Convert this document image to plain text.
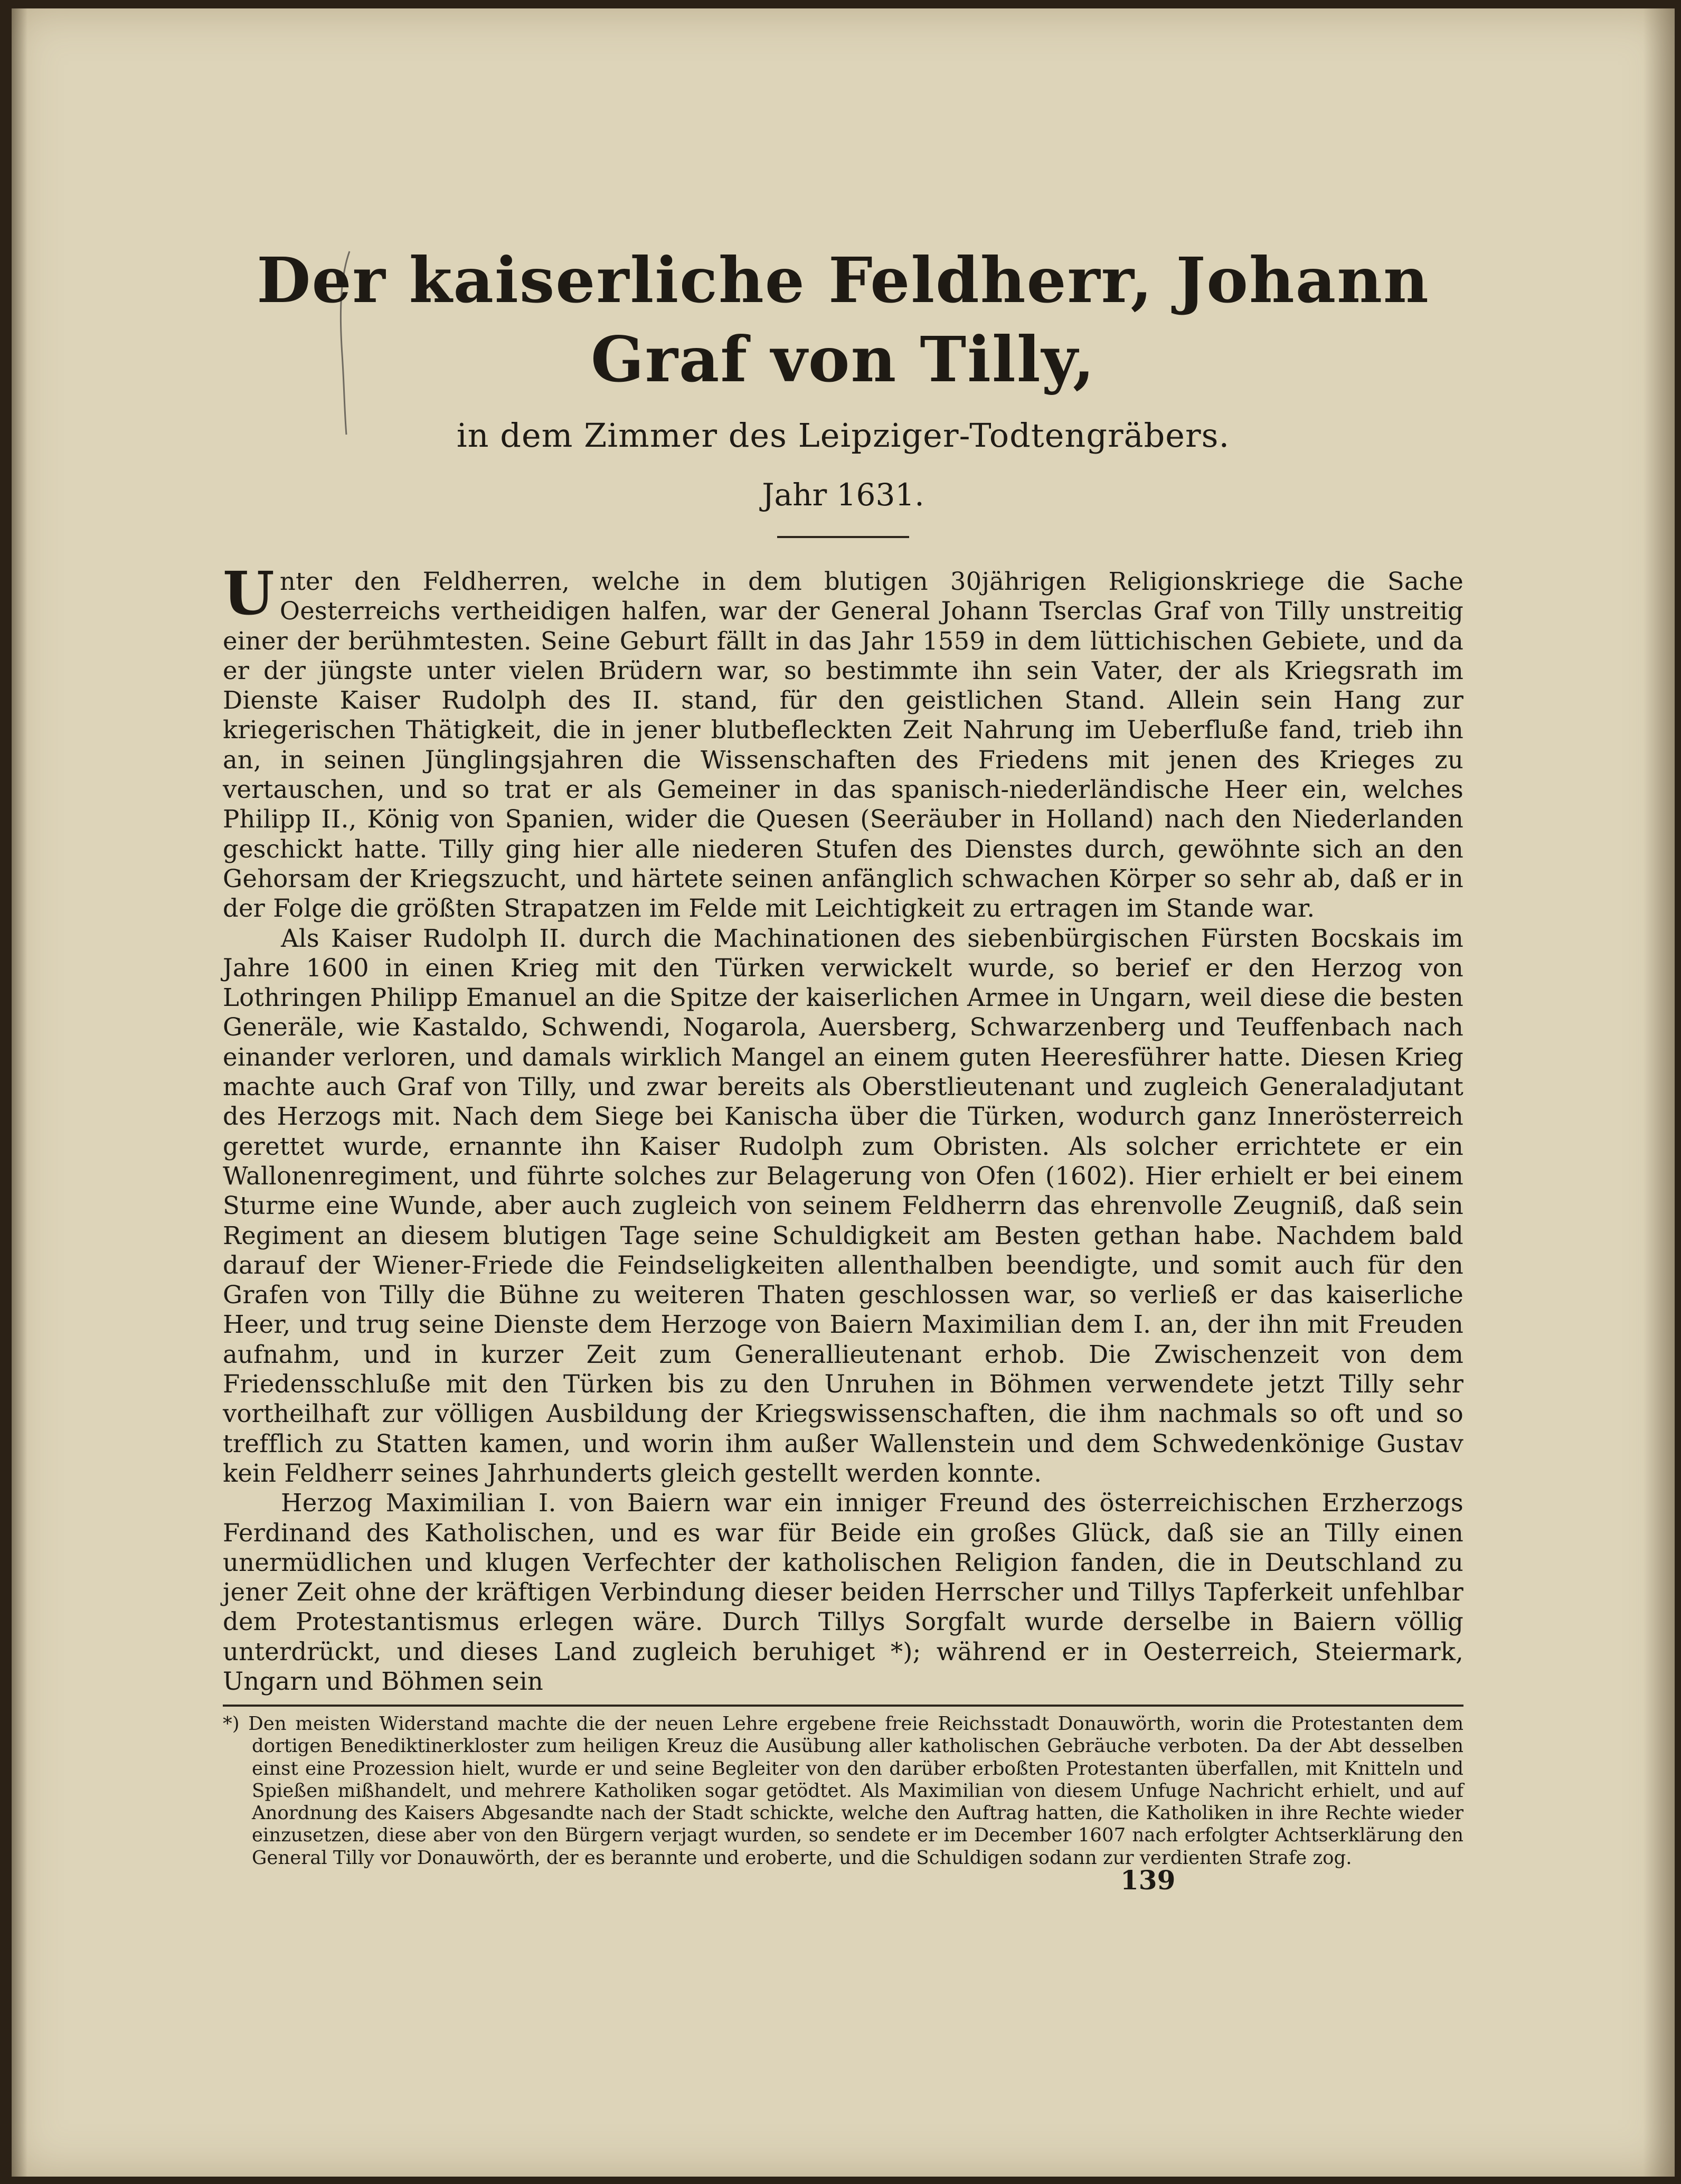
Der kaiserliche Feldherr, Johann Graf von Tilly,
in dem Zimmer des Leipziger-Todtengräbers.
Jahr 1631.

Unter den Feldherren, welche in dem blutigen 30jährigen Religionskriege die Sache Oesterreichs vertheidigen halfen, war der General Johann Tserclas Graf von Tilly unstreitig einer der berühmtesten. Seine Geburt fällt in das Jahr 1559 in dem lüttichischen Gebiete, und da er der jüngste unter vielen Brüdern war, so bestimmte ihn sein Vater, der als Kriegsrath im Dienste Kaiser Rudolph des II. stand, für den geistlichen Stand. Allein sein Hang zur kriegerischen Thätigkeit, die in jener blutbefleckten Zeit Nahrung im Ueberfluße fand, trieb ihn an, in seinen Jünglingsjahren die Wissenschaften des Friedens mit jenen des Krieges zu vertauschen, und so trat er als Gemeiner in das spanisch-niederländische Heer ein, welches Philipp II., König von Spanien, wider die Quesen (Seeräuber in Holland) nach den Niederlanden geschickt hatte. Tilly ging hier alle niederen Stufen des Dienstes durch, gewöhnte sich an den Gehorsam der Kriegszucht, und härtete seinen anfänglich schwachen Körper so sehr ab, daß er in der Folge die größten Strapatzen im Felde mit Leichtigkeit zu ertragen im Stande war.

Als Kaiser Rudolph II. durch die Machinationen des siebenbürgischen Fürsten Bocskais im Jahre 1600 in einen Krieg mit den Türken verwickelt wurde, so berief er den Herzog von Lothringen Philipp Emanuel an die Spitze der kaiserlichen Armee in Ungarn, weil diese die besten Generäle, wie Kastaldo, Schwendi, Nogarola, Auersberg, Schwarzenberg und Teuffenbach nach einander verloren, und damals wirklich Mangel an einem guten Heeresführer hatte. Diesen Krieg machte auch Graf von Tilly, und zwar bereits als Oberstlieutenant und zugleich Generaladjutant des Herzogs mit. Nach dem Siege bei Kanischa über die Türken, wodurch ganz Innerösterreich gerettet wurde, ernannte ihn Kaiser Rudolph zum Obristen. Als solcher errichtete er ein Wallonenregiment, und führte solches zur Belagerung von Ofen (1602). Hier erhielt er bei einem Sturme eine Wunde, aber auch zugleich von seinem Feldherrn das ehrenvolle Zeugniß, daß sein Regiment an diesem blutigen Tage seine Schuldigkeit am Besten gethan habe. Nachdem bald darauf der Wiener-Friede die Feindseligkeiten allenthalben beendigte, und somit auch für den Grafen von Tilly die Bühne zu weiteren Thaten geschlossen war, so verließ er das kaiserliche Heer, und trug seine Dienste dem Herzoge von Baiern Maximilian dem I. an, der ihn mit Freuden aufnahm, und in kurzer Zeit zum Generallieutenant erhob. Die Zwischenzeit von dem Friedensschluße mit den Türken bis zu den Unruhen in Böhmen verwendete jetzt Tilly sehr vortheilhaft zur völligen Ausbildung der Kriegswissenschaften, die ihm nachmals so oft und so trefflich zu Statten kamen, und worin ihm außer Wallenstein und dem Schwedenkönige Gustav kein Feldherr seines Jahrhunderts gleich gestellt werden konnte.

Herzog Maximilian I. von Baiern war ein inniger Freund des österreichischen Erzherzogs Ferdinand des Katholischen, und es war für Beide ein großes Glück, daß sie an Tilly einen unermüdlichen und klugen Verfechter der katholischen Religion fanden, die in Deutschland zu jener Zeit ohne der kräftigen Verbindung dieser beiden Herrscher und Tillys Tapferkeit unfehlbar dem Protestantismus erlegen wäre. Durch Tillys Sorgfalt wurde derselbe in Baiern völlig unterdrückt, und dieses Land zugleich beruhiget *); während er in Oesterreich, Steiermark, Ungarn und Böhmen sein

*) Den meisten Widerstand machte die der neuen Lehre ergebene freie Reichsstadt Donauwörth, worin die Protestanten dem dortigen Benediktinerkloster zum heiligen Kreuz die Ausübung aller katholischen Gebräuche verboten. Da der Abt desselben einst eine Prozession hielt, wurde er und seine Begleiter von den darüber erboßten Protestanten überfallen, mit Knitteln und Spießen mißhandelt, und mehrere Katholiken sogar getödtet. Als Maximilian von diesem Unfuge Nachricht erhielt, und auf Anordnung des Kaisers Abgesandte nach der Stadt schickte, welche den Auftrag hatten, die Katholiken in ihre Rechte wieder einzusetzen, diese aber von den Bürgern verjagt wurden, so sendete er im December 1607 nach erfolgter Achtserklärung den General Tilly vor Donauwörth, der es berannte und eroberte, und die Schuldigen sodann zur verdienten Strafe zog.
139
